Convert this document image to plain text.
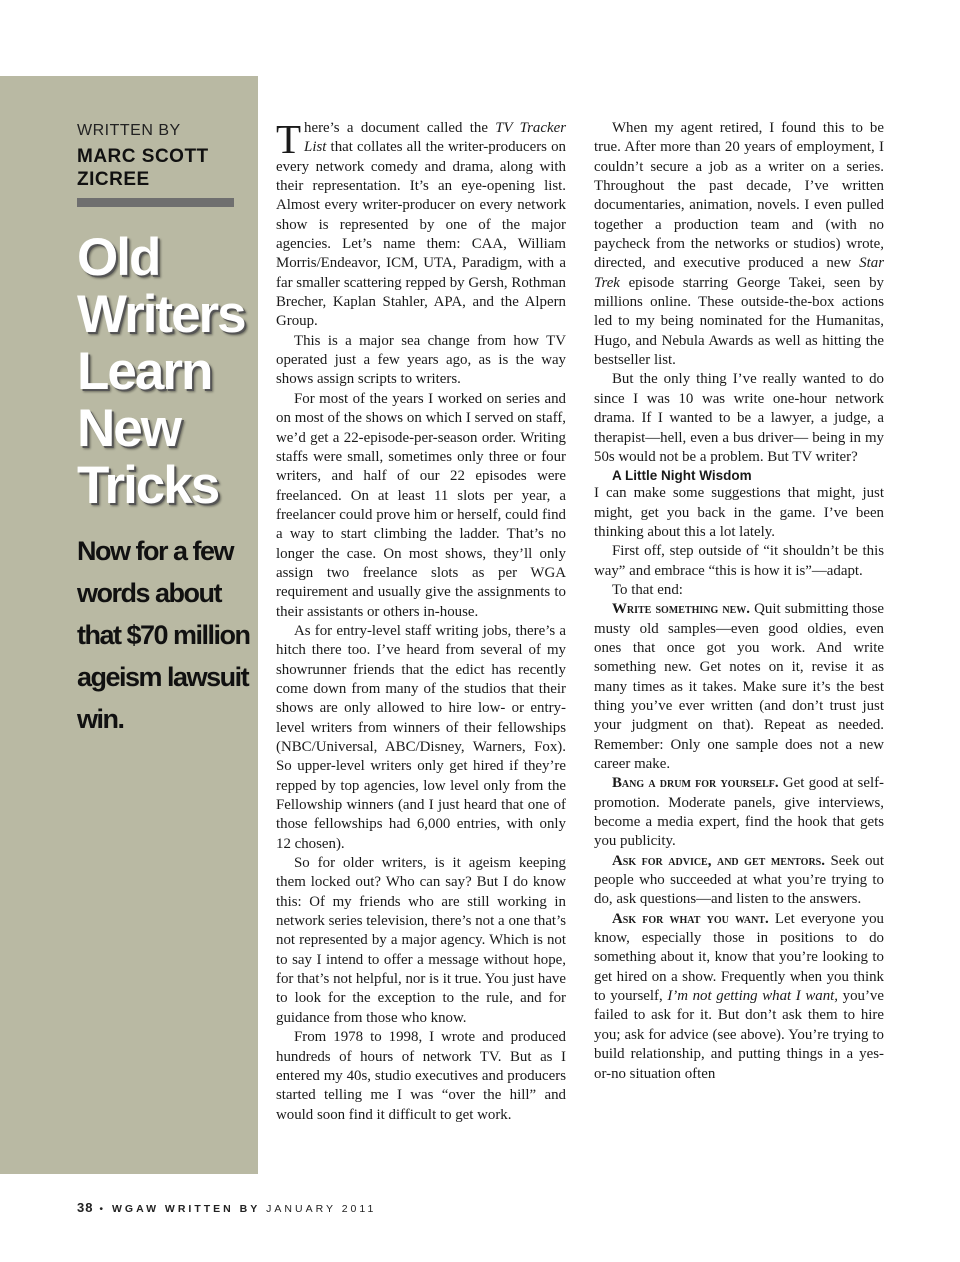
WRITTEN BY
MARC SCOTT ZICREE
Old
Writers
Learn
New
Tricks
Now for a few words about that $70 million ageism lawsuit win.

There’s a document called the TV Tracker List that collates all the writer-producers on every network comedy and drama, along with their representation. It’s an eye-opening list. Almost every writer-producer on every network show is represented by one of the major agencies. Let’s name them: CAA, William Morris/Endeavor, ICM, UTA, Paradigm, with a far smaller scattering repped by Gersh, Rothman Brecher, Kaplan Stahler, APA, and the Alpern Group.

This is a major sea change from how TV operated just a few years ago, as is the way shows assign scripts to writers.

For most of the years I worked on series and on most of the shows on which I served on staff, we’d get a 22-episode-per-season order. Writing staffs were small, sometimes only three or four writers, and half of our 22 episodes were freelanced. On at least 11 slots per year, a freelancer could prove him or herself, could find a way to start climbing the ladder. That’s no longer the case. On most shows, they’ll only assign two freelance slots as per WGA requirement and usually give the assignments to their assistants or others in-house.

As for entry-level staff writing jobs, there’s a hitch there too. I’ve heard from several of my showrunner friends that the edict has recently come down from many of the studios that their shows are only allowed to hire low- or entry-level writers from winners of their fellowships (NBC/Universal, ABC/Disney, Warners, Fox). So upper-level writers only get hired if they’re repped by top agencies, low level only from the Fellowship winners (and I just heard that one of those fellowships had 6,000 entries, with only 12 chosen).

So for older writers, is it ageism keeping them locked out? Who can say? But I do know this: Of my friends who are still working in network series television, there’s not a one that’s not represented by a major agency. Which is not to say I intend to offer a message without hope, for that’s not helpful, nor is it true. You just have to look for the exception to the rule, and for guidance from those who know.

From 1978 to 1998, I wrote and produced hundreds of hours of network TV. But as I entered my 40s, studio executives and producers started telling me I was “over the hill” and would soon find it difficult to get work.

When my agent retired, I found this to be true. After more than 20 years of employment, I couldn’t secure a job as a writer on a series. Throughout the past decade, I’ve written documentaries, animation, novels. I even pulled together a production team and (with no paycheck from the networks or studios) wrote, directed, and executive produced a new Star Trek episode starring George Takei, seen by millions online. These outside-the-box actions led to my being nominated for the Humanitas, Hugo, and Nebula Awards as well as hitting the bestseller list.

But the only thing I’ve really wanted to do since I was 10 was write one-hour network drama. If I wanted to be a lawyer, a judge, a therapist—hell, even a bus driver— being in my 50s would not be a problem. But TV writer?

A Little Night Wisdom

I can make some suggestions that might, just might, get you back in the game. I’ve been thinking about this a lot lately.

First off, step outside of “it shouldn’t be this way” and embrace “this is how it is”—adapt.

To that end:

Write something new. Quit submitting those musty old samples—even good oldies, even ones that once got you work. And write something new. Get notes on it, revise it as many times as it takes. Make sure it’s the best thing you’ve ever written (and don’t trust just your judgment on that). Repeat as needed. Remember: Only one sample does not a new career make.

Bang a drum for yourself. Get good at self-promotion. Moderate panels, give interviews, become a media expert, find the hook that gets you publicity.

Ask for advice, and get mentors. Seek out people who succeeded at what you’re trying to do, ask questions—and listen to the answers.

Ask for what you want. Let everyone you know, especially those in positions to do something about it, know that you’re looking to get hired on a show. Frequently when you think to yourself, I’m not getting what I want, you’ve failed to ask for it. But don’t ask them to hire you; ask for advice (see above). You’re trying to build relationship, and putting things in a yes-or-no situation often

38 • WGAW WRITTEN BY JANUARY 2011
